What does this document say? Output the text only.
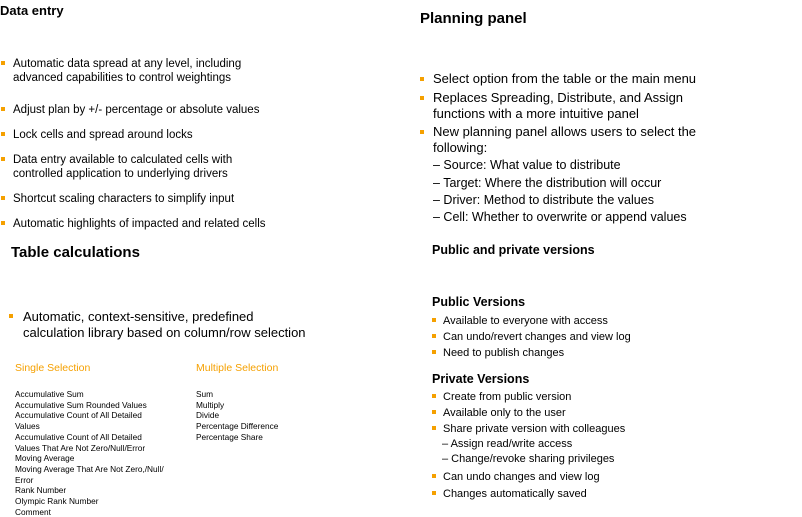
Data entry
Automatic data spread at any level, including
advanced capabilities to control weightings
Adjust plan by +/- percentage or absolute values
Lock cells and spread around locks
Data entry available to calculated cells with
controlled application to underlying drivers
Shortcut scaling characters to simplify input
Automatic highlights of impacted and related cells
Table calculations
Automatic, context-sensitive, predefined
calculation library based on column/row selection
Single Selection
Accumulative Sum
Accumulative Sum Rounded Values
Accumulative Count of All Detailed
Values
Accumulative Count of All Detailed
Values That Are Not Zero/Null/Error
Moving Average
Moving Average That Are Not Zero,/Null/
Error
Rank Number
Olympic Rank Number
Comment
Multiple Selection
Sum
Multiply
Divide
Percentage Difference
Percentage Share
Planning panel
Select option from the table or the main menu
Replaces Spreading, Distribute, and Assign
functions with a more intuitive panel
New planning panel allows users to select the
following:
– Source: What value to distribute
– Target: Where the distribution will occur
– Driver: Method to distribute the values
– Cell: Whether to overwrite or append values
Public and private versions
Public Versions
Available to everyone with access
Can undo/revert changes and view log
Need to publish changes
Private Versions
Create from public version
Available only to the user
Share private version with colleagues
– Assign read/write access
– Change/revoke sharing privileges
Can undo changes and view log
Changes automatically saved
